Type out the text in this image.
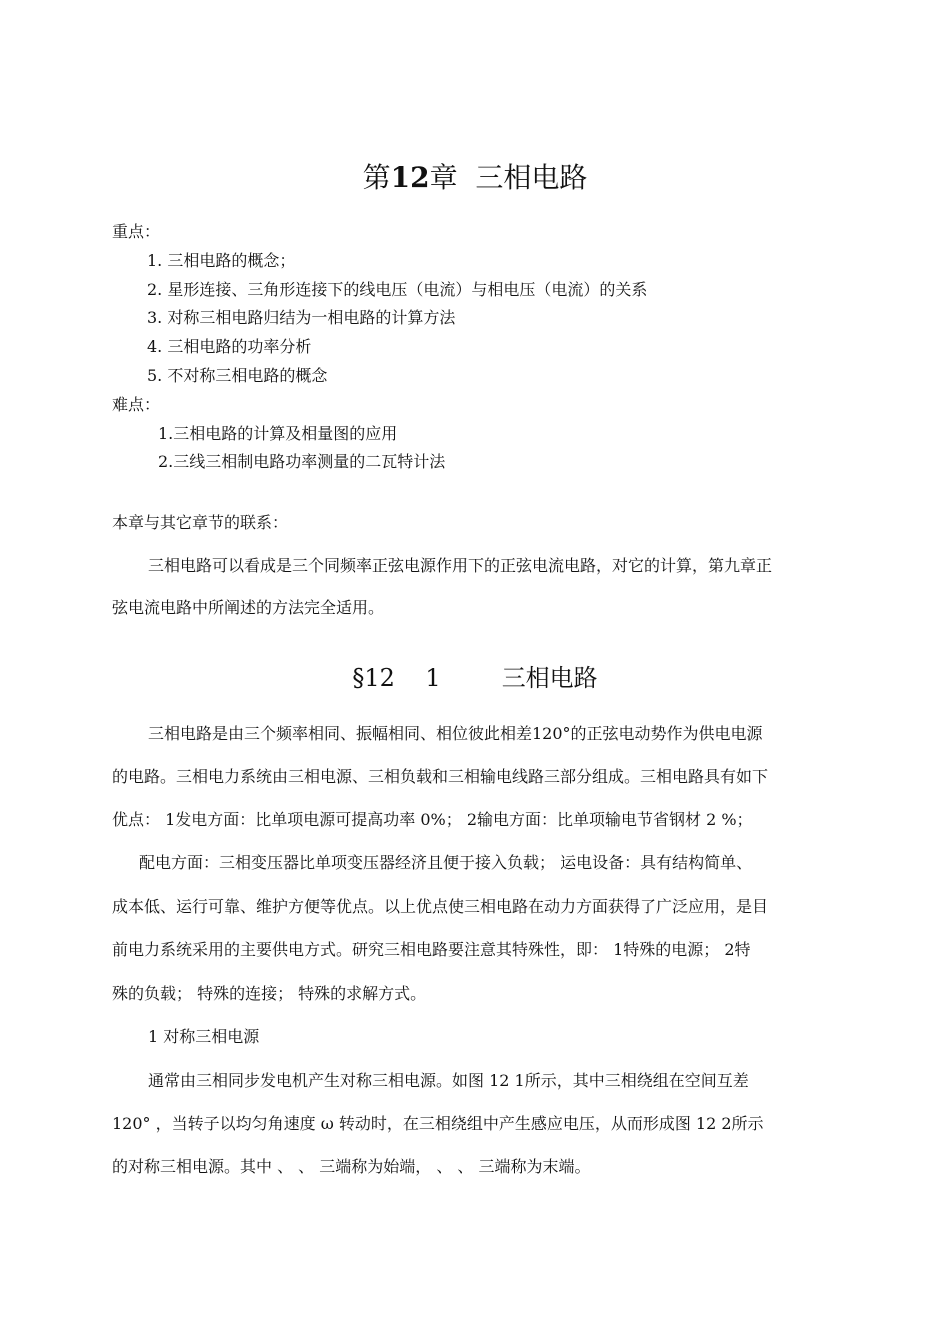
第12章 三相电路
重点：
1. 三相电路的概念；
2. 星形连接、三角形连接下的线电压（电流）与相电压（电流）的关系
3. 对称三相电路归结为一相电路的计算方法
4. 三相电路的功率分析
5. 不对称三相电路的概念
难点：
1.三相电路的计算及相量图的应用
2.三线三相制电路功率测量的二瓦特计法
本章与其它章节的联系：
三相电路可以看成是三个同频率正弦电源作用下的正弦电流电路，对它的计算，第九章正
弦电流电路中所阐述的方法完全适用。
§12 1	三相电路
三相电路是由三个频率相同、振幅相同、相位彼此相差120°的正弦电动势作为供电电源
的电路。三相电力系统由三相电源、三相负载和三相输电线路三部分组成。三相电路具有如下
优点： 1发电方面：比单项电源可提高功率 0%； 2输电方面：比单项输电节省钢材 2 %；
配电方面：三相变压器比单项变压器经济且便于接入负载； 运电设备：具有结构简单、
成本低、运行可靠、维护方便等优点。以上优点使三相电路在动力方面获得了广泛应用，是目
前电力系统采用的主要供电方式。研究三相电路要注意其特殊性，即： 1特殊的电源； 2特
殊的负载； 特殊的连接； 特殊的求解方式。
1 对称三相电源
通常由三相同步发电机产生对称三相电源。如图 12 1所示，其中三相绕组在空间互差
120° ，当转子以均匀角速度 ω 转动时，在三相绕组中产生感应电压，从而形成图 12 2所示
的对称三相电源。其中 、 、 三端称为始端， 、 、 三端称为末端。
